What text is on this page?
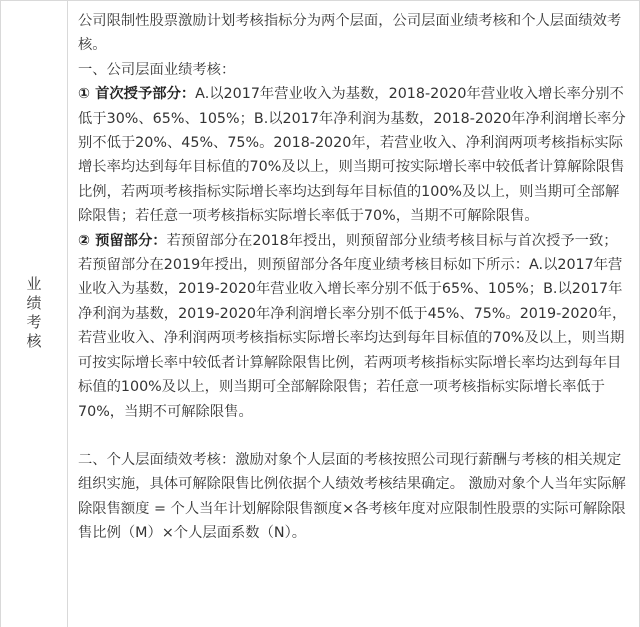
业绩考核

公司限制性股票激励计划考核指标分为两个层面，公司层面业绩考核和个人层面绩效考核。

一、公司层面业绩考核：

① 首次授予部分：A.以2017年营业收入为基数，2018-2020年营业收入增长率分别不低于30%、65%、105%；B.以2017年净利润为基数，2018-2020年净利润增长率分别不低于20%、45%、75%。2018-2020年，若营业收入、净利润两项考核指标实际增长率均达到每年目标值的70%及以上，则当期可按实际增长率中较低者计算解除限售比例，若两项考核指标实际增长率均达到每年目标值的100%及以上，则当期可全部解除限售；若任意一项考核指标实际增长率低于70%，当期不可解除限售。

② 预留部分：若预留部分在2018年授出，则预留部分业绩考核目标与首次授予一致；若预留部分在2019年授出，则预留部分各年度业绩考核目标如下所示：A.以2017年营业收入为基数，2019-2020年营业收入增长率分别不低于65%、105%；B.以2017年净利润为基数，2019-2020年净利润增长率分别不低于45%、75%。2019-2020年，若营业收入、净利润两项考核指标实际增长率均达到每年目标值的70%及以上，则当期可按实际增长率中较低者计算解除限售比例，若两项考核指标实际增长率均达到每年目标值的100%及以上，则当期可全部解除限售；若任意一项考核指标实际增长率低于70%，当期不可解除限售。

二、个人层面绩效考核：激励对象个人层面的考核按照公司现行薪酬与考核的相关规定组织实施，具体可解除限售比例依据个人绩效考核结果确定。 激励对象个人当年实际解除限售额度 = 个人当年计划解除限售额度×各考核年度对应限制性股票的实际可解除限售比例（M）×个人层面系数（N）。
